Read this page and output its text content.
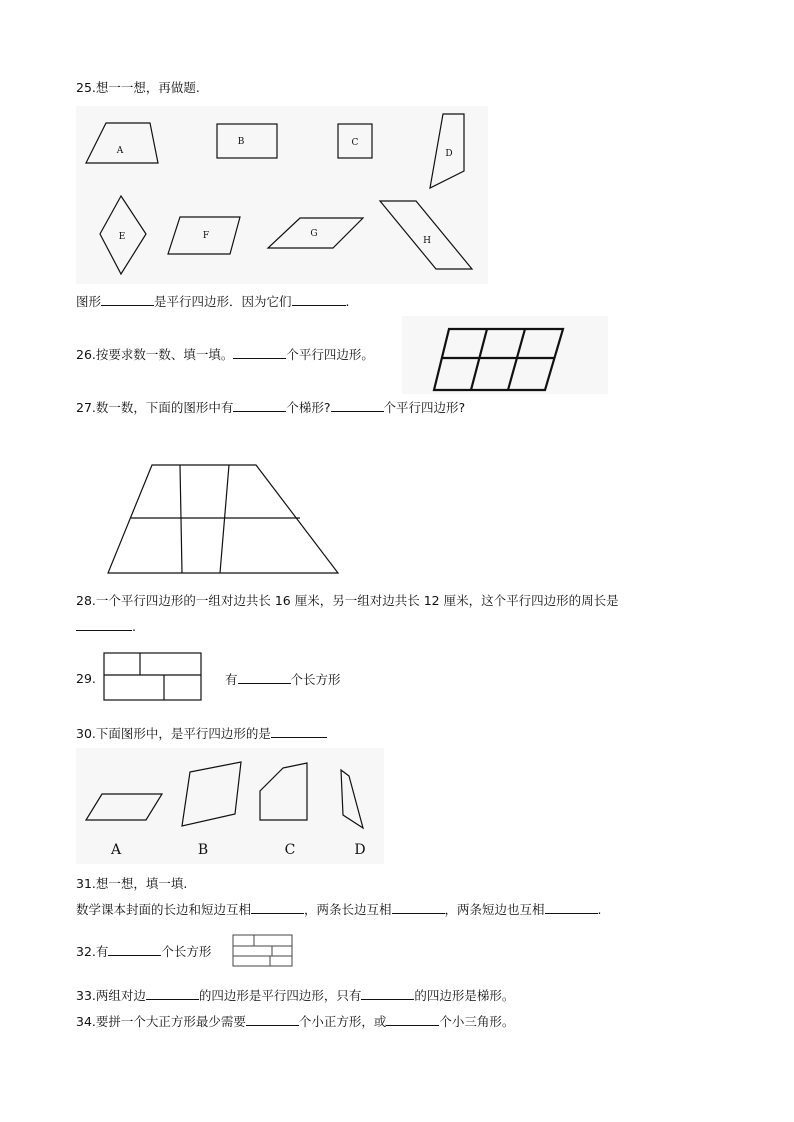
25.想一一想，再做题.
A
B	C
D
E	F	G
H
图形	是平行四边形．因为它们	.
26.按要求数一数、填一填。	个平行四边形。
27.数一数，下面的图形中有	个梯形?	个平行四边形?
28.一个平行四边形的一组对边共长 16 厘米，另一组对边共长 12 厘米，这个平行四边形的周长是
.
29.	有	个长方形
30.下面图形中，是平行四边形的是
A	B	C	D
31.想一想，填一填.
数学课本封面的长边和短边互相	，两条长边互相	，两条短边也互相	.
32.有	个长方形
33.两组对边	的四边形是平行四边形，只有	的四边形是梯形。
34.要拼一个大正方形最少需要	个小正方形，或	个小三角形。
